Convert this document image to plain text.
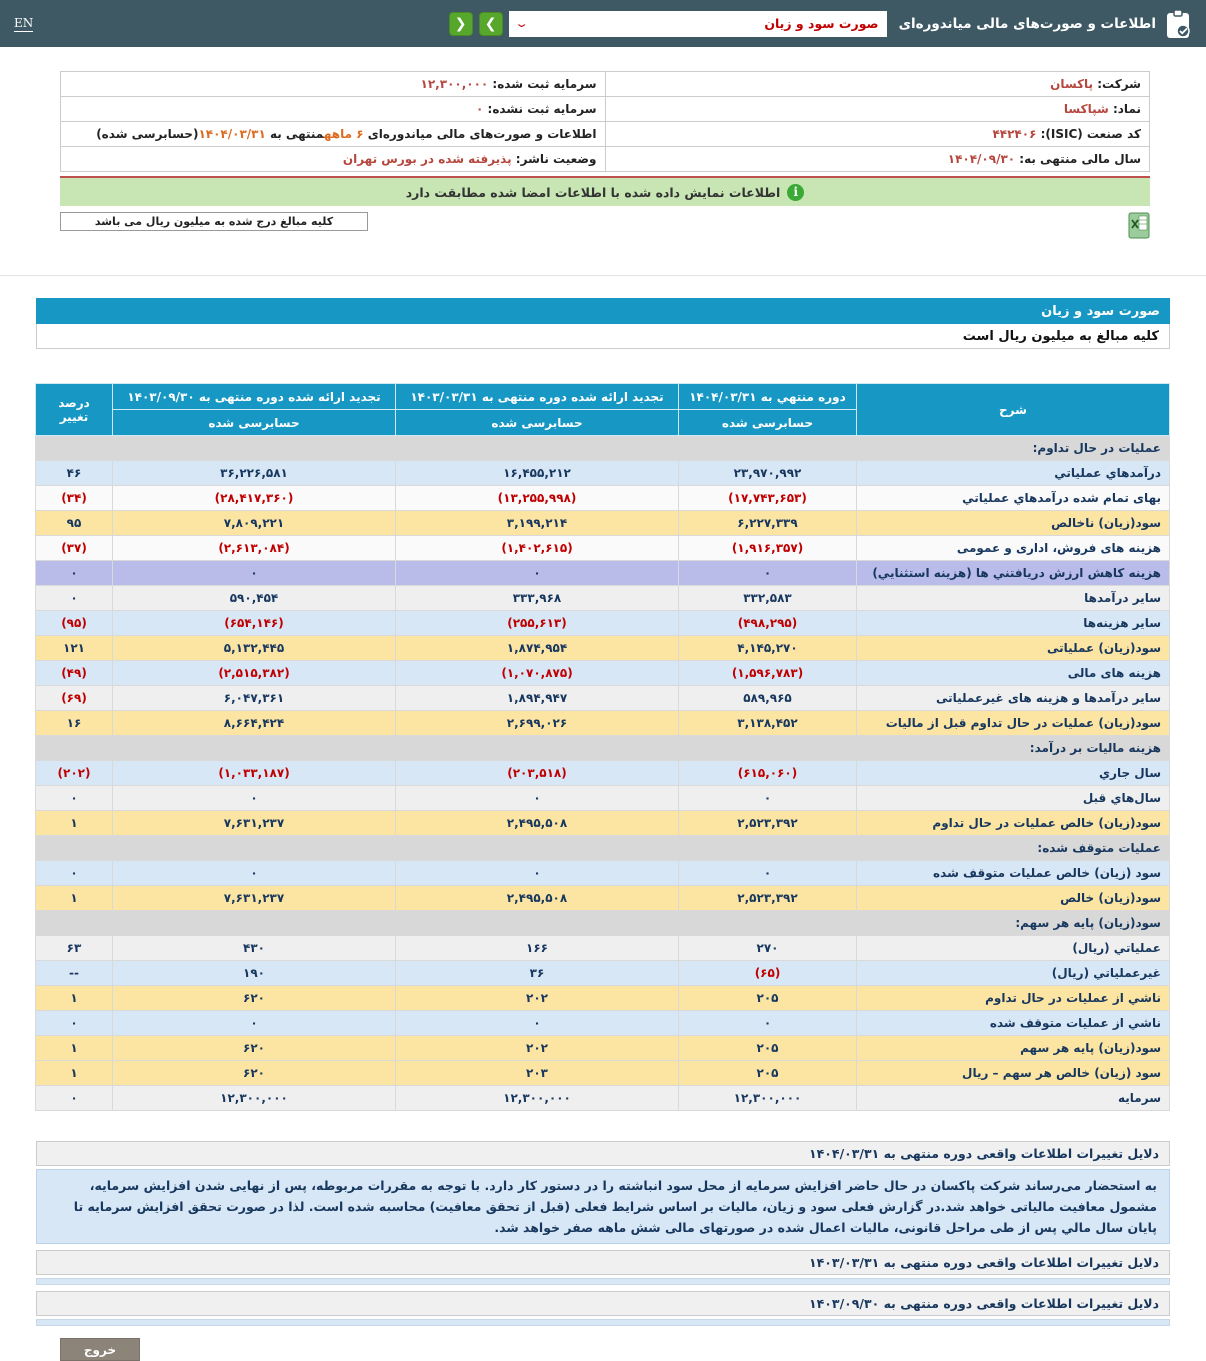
اطلاعات و صورت‌های مالی میاندوره‌ای
صورت سود و زیان
⌄
❯
❮
EN
شرکت: پاکسان	سرمایه ثبت شده: ۱۲,۳۰۰,۰۰۰
نماد: شپاکسا	سرمایه ثبت نشده: ۰
کد صنعت (ISIC): ۴۴۲۴۰۶	اطلاعات و صورت‌های مالی میاندوره‌ای ۶ ماههمنتهی به ۱۴۰۴/۰۳/۳۱(حسابرسی شده)
سال مالی منتهی به: ۱۴۰۴/۰۹/۳۰	وضعیت ناشر: پذیرفته شده در بورس تهران
i
اطلاعات نمایش داده شده با اطلاعات امضا شده مطابقت دارد
کلیه مبالغ درج شده به میلیون ریال می باشد
صورت سود و زیان
کلیه مبالغ به میلیون ریال است
شرح	دوره منتهي به ۱۴۰۴/۰۳/۳۱	تجدید ارائه شده دوره منتهی به ۱۴۰۳/۰۳/۳۱	تجدید ارائه شده دوره منتهی به ۱۴۰۳/۰۹/۳۰	درصد تغییر
	حسابرسی شده	حسابرسی شده	حسابرسی شده	
عملیات در حال تداوم:				
درآمدهاي عملياتي	۲۳,۹۷۰,۹۹۲	۱۶,۴۵۵,۲۱۲	۳۶,۲۲۶,۵۸۱	۴۶
بهای تمام شده درآمدهاي عملياتي	(۱۷,۷۴۳,۶۵۳)	(۱۳,۲۵۵,۹۹۸)	(۲۸,۴۱۷,۳۶۰)	(۳۴)
سود(زيان) ناخالص	۶,۲۲۷,۳۳۹	۳,۱۹۹,۲۱۴	۷,۸۰۹,۲۲۱	۹۵
هزینه های فروش، اداری و عمومی	(۱,۹۱۶,۳۵۷)	(۱,۴۰۲,۶۱۵)	(۲,۶۱۳,۰۸۴)	(۳۷)
هزینه کاهش ارزش دریافتني ها (هزینه استثنايي)	۰	۰	۰	۰
سایر درآمدها	۳۳۲,۵۸۳	۳۳۳,۹۶۸	۵۹۰,۴۵۴	۰
سایر هزینه‌ها	(۴۹۸,۲۹۵)	(۲۵۵,۶۱۳)	(۶۵۴,۱۴۶)	(۹۵)
سود(زيان) عملیاتی	۴,۱۴۵,۲۷۰	۱,۸۷۴,۹۵۴	۵,۱۳۲,۴۴۵	۱۲۱
هزینه های مالی	(۱,۵۹۶,۷۸۳)	(۱,۰۷۰,۸۷۵)	(۲,۵۱۵,۳۸۲)	(۴۹)
سایر درآمدها و هزینه های غیرعملیاتی	۵۸۹,۹۶۵	۱,۸۹۴,۹۴۷	۶,۰۴۷,۳۶۱	(۶۹)
سود(زيان) عملیات در حال تداوم قبل از مالیات	۳,۱۳۸,۴۵۲	۲,۶۹۹,۰۲۶	۸,۶۶۴,۴۲۴	۱۶
هزینه مالیات بر درآمد:				
سال جاري	(۶۱۵,۰۶۰)	(۲۰۳,۵۱۸)	(۱,۰۳۳,۱۸۷)	(۲۰۲)
سال‌هاي قبل	۰	۰	۰	۰
سود(زيان) خالص عملیات در حال تداوم	۲,۵۲۳,۳۹۲	۲,۴۹۵,۵۰۸	۷,۶۳۱,۲۳۷	۱
عملیات متوقف شده:				
سود (زیان) خالص عملیات متوقف شده	۰	۰	۰	۰
سود(زيان) خالص	۲,۵۲۳,۳۹۲	۲,۴۹۵,۵۰۸	۷,۶۳۱,۲۳۷	۱
سود(زيان) پایه هر سهم:				
عملياتي (ریال)	۲۷۰	۱۶۶	۴۳۰	۶۳
غیرعملياتي (ریال)	(۶۵)	۳۶	۱۹۰	--
ناشي از عملیات در حال تداوم	۲۰۵	۲۰۲	۶۲۰	۱
ناشي از عملیات متوقف شده	۰	۰	۰	۰
سود(زيان) پایه هر سهم	۲۰۵	۲۰۲	۶۲۰	۱
سود (زیان) خالص هر سهم – ریال	۲۰۵	۲۰۳	۶۲۰	۱
سرمایه	۱۲,۳۰۰,۰۰۰	۱۲,۳۰۰,۰۰۰	۱۲,۳۰۰,۰۰۰	۰
دلایل تغییرات اطلاعات واقعی دوره منتهی به ۱۴۰۴/۰۳/۳۱
به استحضار می‌رساند شرکت پاکسان در حال حاضر افزایش سرمایه از محل سود انباشته را در دستور کار دارد. با توجه به مقررات مربوطه، پس از نهایی شدن افزایش سرمایه، مشمول معافیت مالیاتی خواهد شد.در گزارش فعلی سود و زیان، مالیات بر اساس شرایط فعلی (قبل از تحقق معافیت) محاسبه شده است. لذا در صورت تحقق افزایش سرمایه تا پایان سال مالي پس از طی مراحل قانونی، مالیات اعمال شده در صورتهای مالی شش ماهه صفر خواهد شد.
دلایل تغییرات اطلاعات واقعی دوره منتهی به ۱۴۰۳/۰۳/۳۱
دلایل تغییرات اطلاعات واقعی دوره منتهی به ۱۴۰۳/۰۹/۳۰
خروج
